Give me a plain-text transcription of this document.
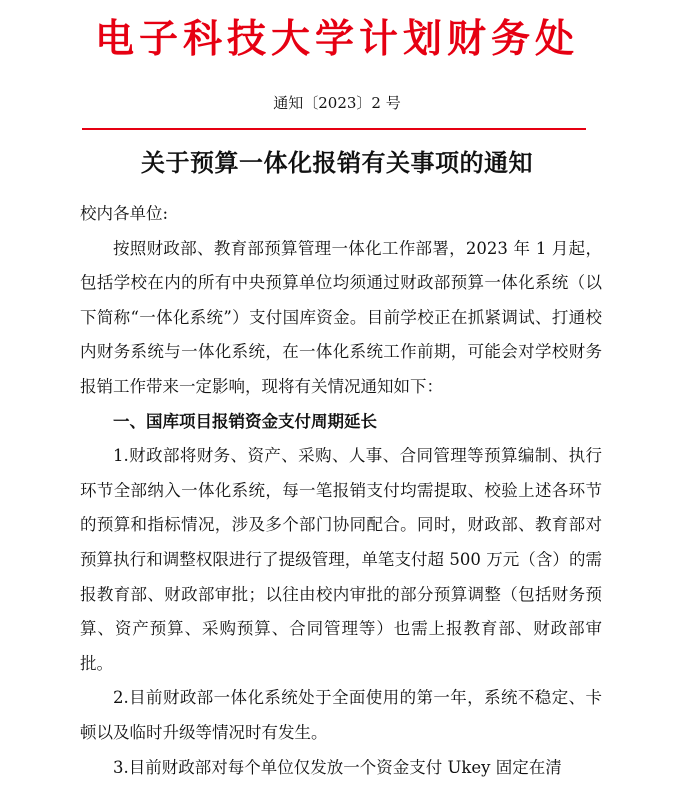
电子科技大学计划财务处
通知〔2023〕2 号
关于预算一体化报销有关事项的通知

校内各单位:

按照财政部、教育部预算管理一体化工作部署，2023 年 1 月起，包括学校在内的所有中央预算单位均须通过财政部预算一体化系统（以下简称“一体化系统”）支付国库资金。目前学校正在抓紧调试、打通校内财务系统与一体化系统，在一体化系统工作前期，可能会对学校财务报销工作带来一定影响，现将有关情况通知如下：

一、国库项目报销资金支付周期延长

1.财政部将财务、资产、采购、人事、合同管理等预算编制、执行环节全部纳入一体化系统，每一笔报销支付均需提取、校验上述各环节的预算和指标情况，涉及多个部门协同配合。同时，财政部、教育部对预算执行和调整权限进行了提级管理，单笔支付超 500 万元（含）的需报教育部、财政部审批；以往由校内审批的部分预算调整（包括财务预算、资产预算、采购预算、合同管理等）也需上报教育部、财政部审批。

2.目前财政部一体化系统处于全面使用的第一年，系统不稳定、卡顿以及临时升级等情况时有发生。

3.目前财政部对每个单位仅发放一个资金支付 Ukey 固定在清
